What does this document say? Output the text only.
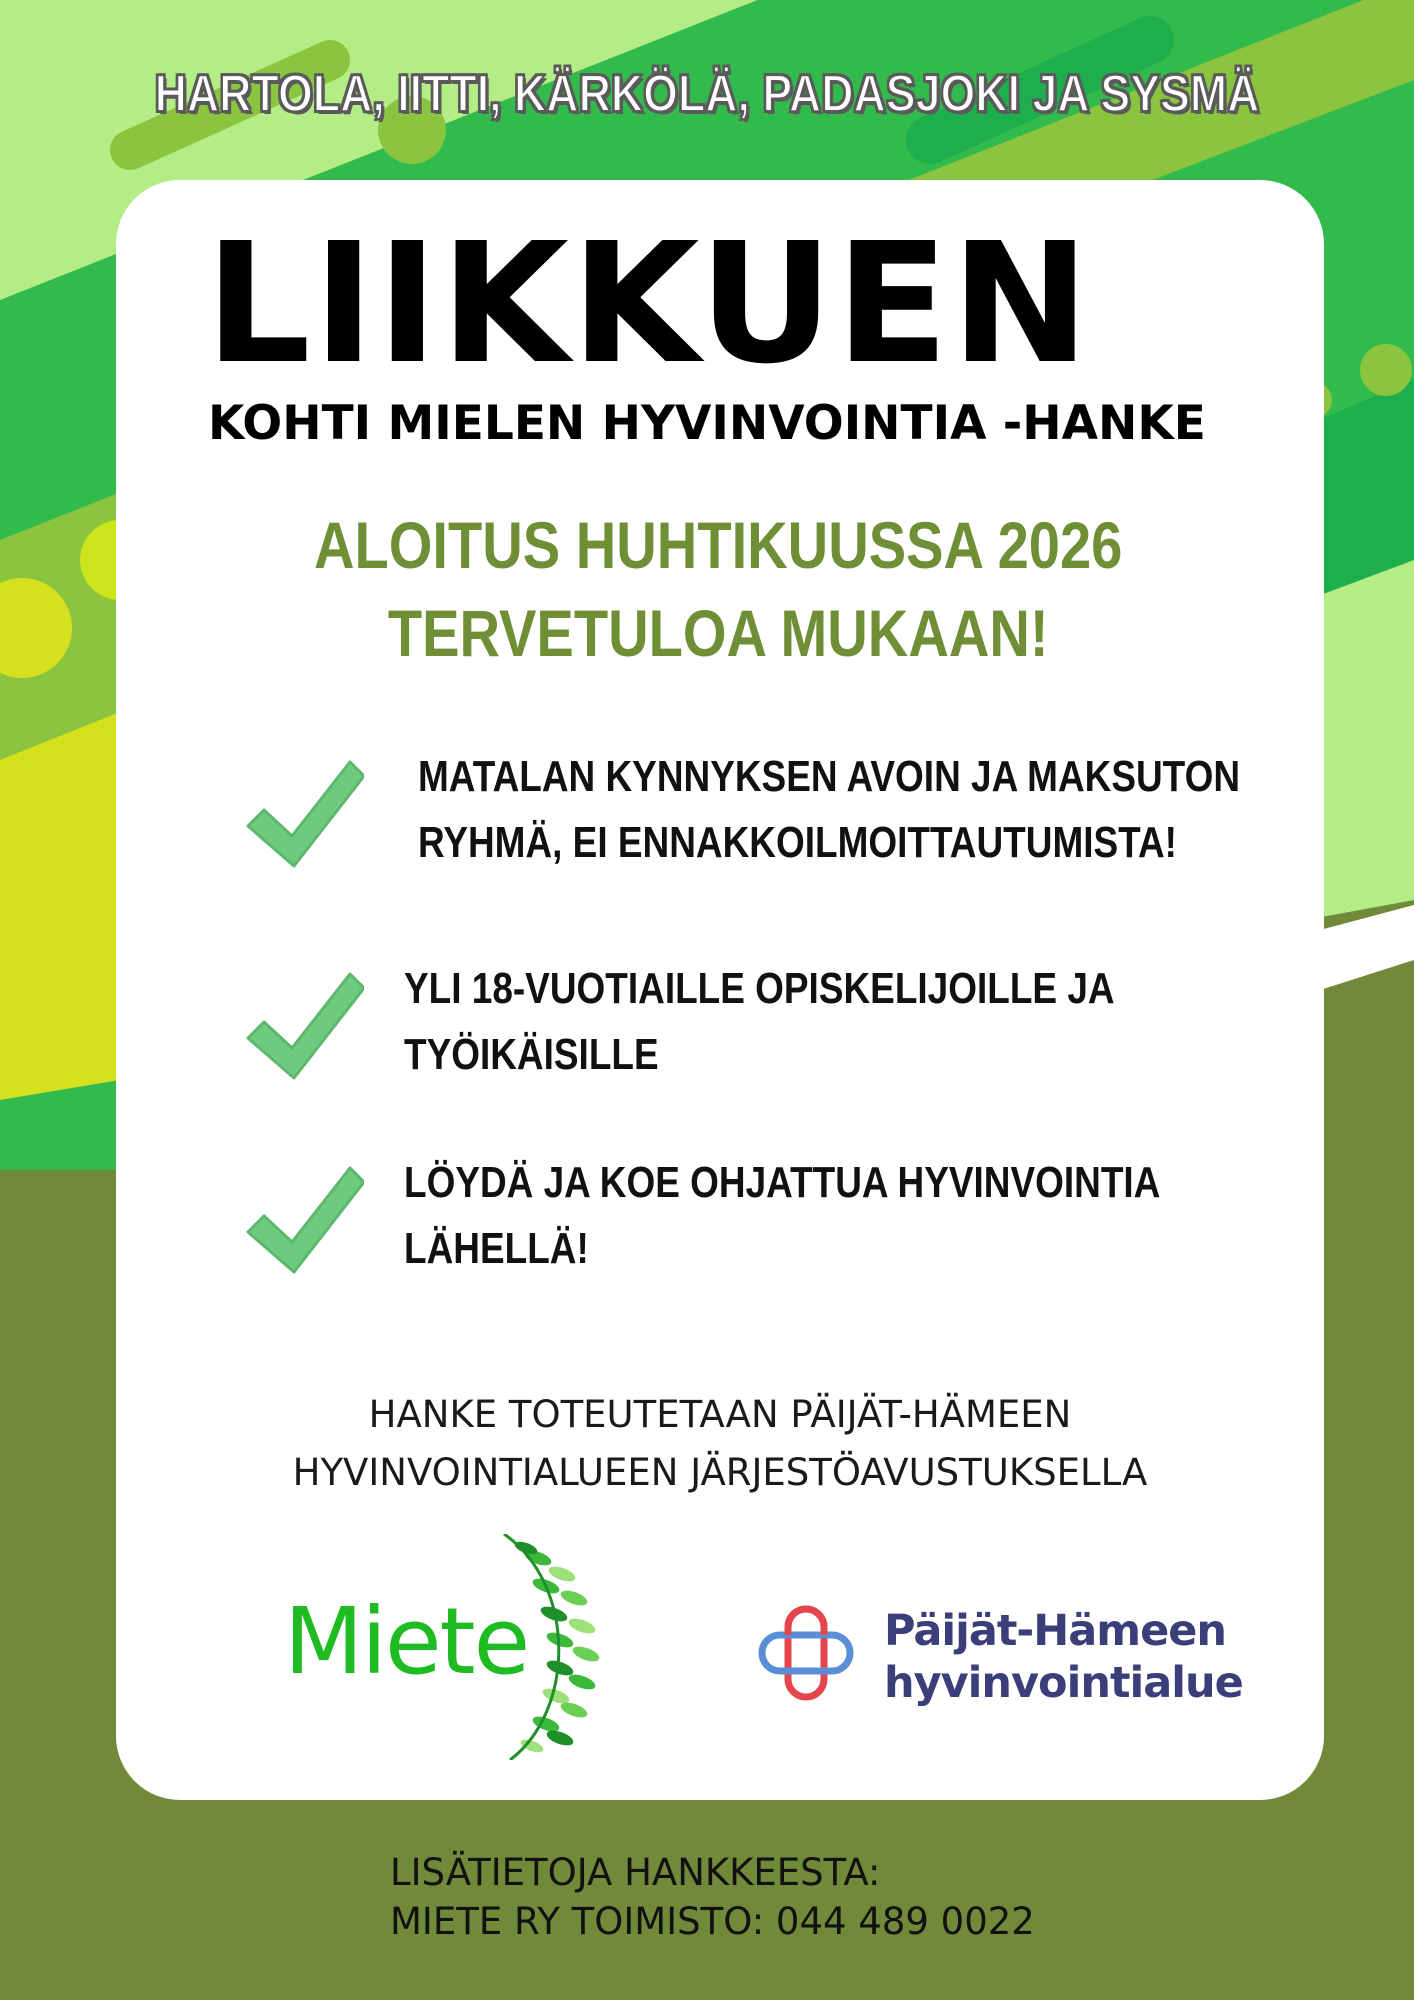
HARTOLA, IITTI, KÄRKÖLÄ, PADASJOKI JA SYSMÄ
LIIKKUEN
KOHTI MIELEN HYVINVOINTIA -HANKE
ALOITUS HUHTIKUUSSA 2026
TERVETULOA MUKAAN!
MATALAN KYNNYKSEN AVOIN JA MAKSUTON
RYHMÄ, EI ENNAKKOILMOITTAUTUMISTA!
YLI 18-VUOTIAILLE OPISKELIJOILLE JA
TYÖIKÄISILLE
LÖYDÄ JA KOE OHJATTUA HYVINVOINTIA
LÄHELLÄ!
HANKE TOTEUTETAAN PÄIJÄT-HÄMEEN
HYVINVOINTIALUEEN JÄRJESTÖAVUSTUKSELLA
Miete	Päijät-Hämeen
hyvinvointialue
LISÄTIETOJA HANKKEESTA:
MIETE RY TOIMISTO: 044 489 0022
